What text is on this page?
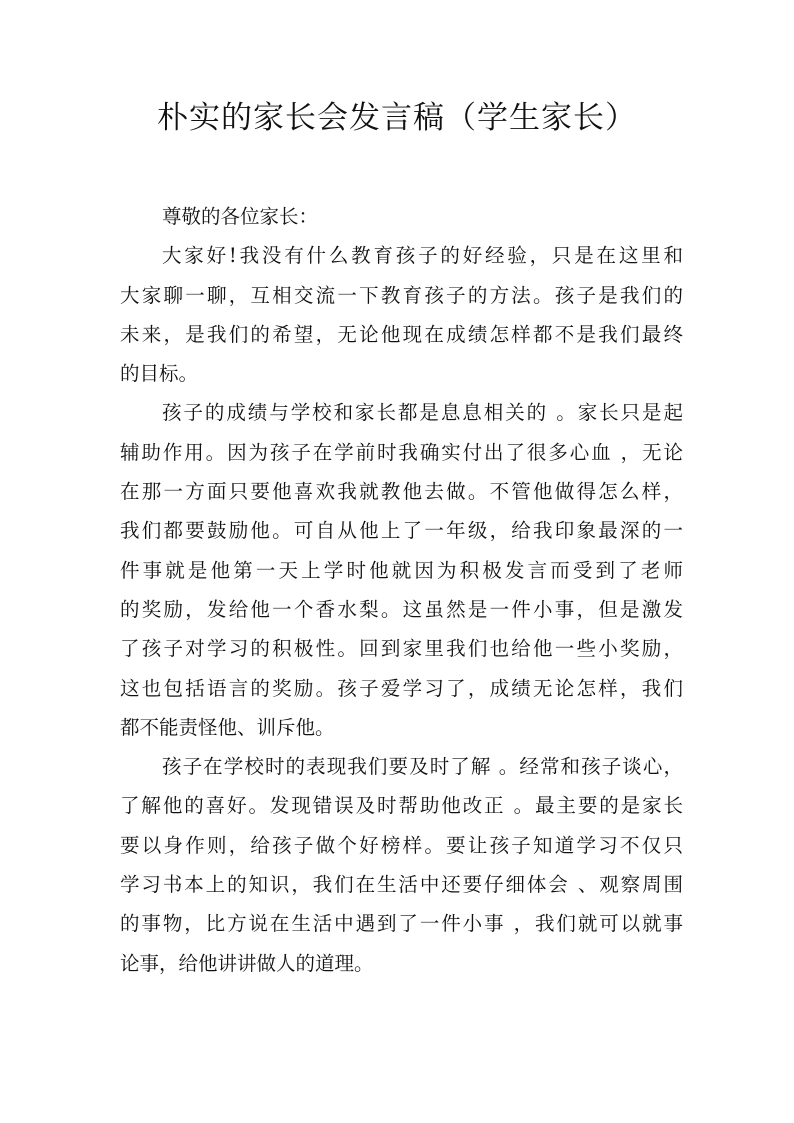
朴实的家长会发言稿（学生家长）
尊敬的各位家长：
大家好!我没有什么教育孩子的好经验，只是在这里和
大家聊一聊，互相交流一下教育孩子的方法。孩子是我们的
未来，是我们的希望，无论他现在成绩怎样都不是我们最终
的目标。
孩子的成绩与学校和家长都是息息相关的 。家长只是起
辅助作用。因为孩子在学前时我确实付出了很多心血 ，无论
在那一方面只要他喜欢我就教他去做。不管他做得怎么样，
我们都要鼓励他。可自从他上了一年级，给我印象最深的一
件事就是他第一天上学时他就因为积极发言而受到了老师
的奖励，发给他一个香水梨。这虽然是一件小事，但是激发
了孩子对学习的积极性。回到家里我们也给他一些小奖励，
这也包括语言的奖励。孩子爱学习了，成绩无论怎样，我们
都不能责怪他、训斥他。
孩子在学校时的表现我们要及时了解 。经常和孩子谈心，
了解他的喜好。发现错误及时帮助他改正 。最主要的是家长
要以身作则，给孩子做个好榜样。要让孩子知道学习不仅只
学习书本上的知识，我们在生活中还要仔细体会 、观察周围
的事物，比方说在生活中遇到了一件小事 ，我们就可以就事
论事，给他讲讲做人的道理。
